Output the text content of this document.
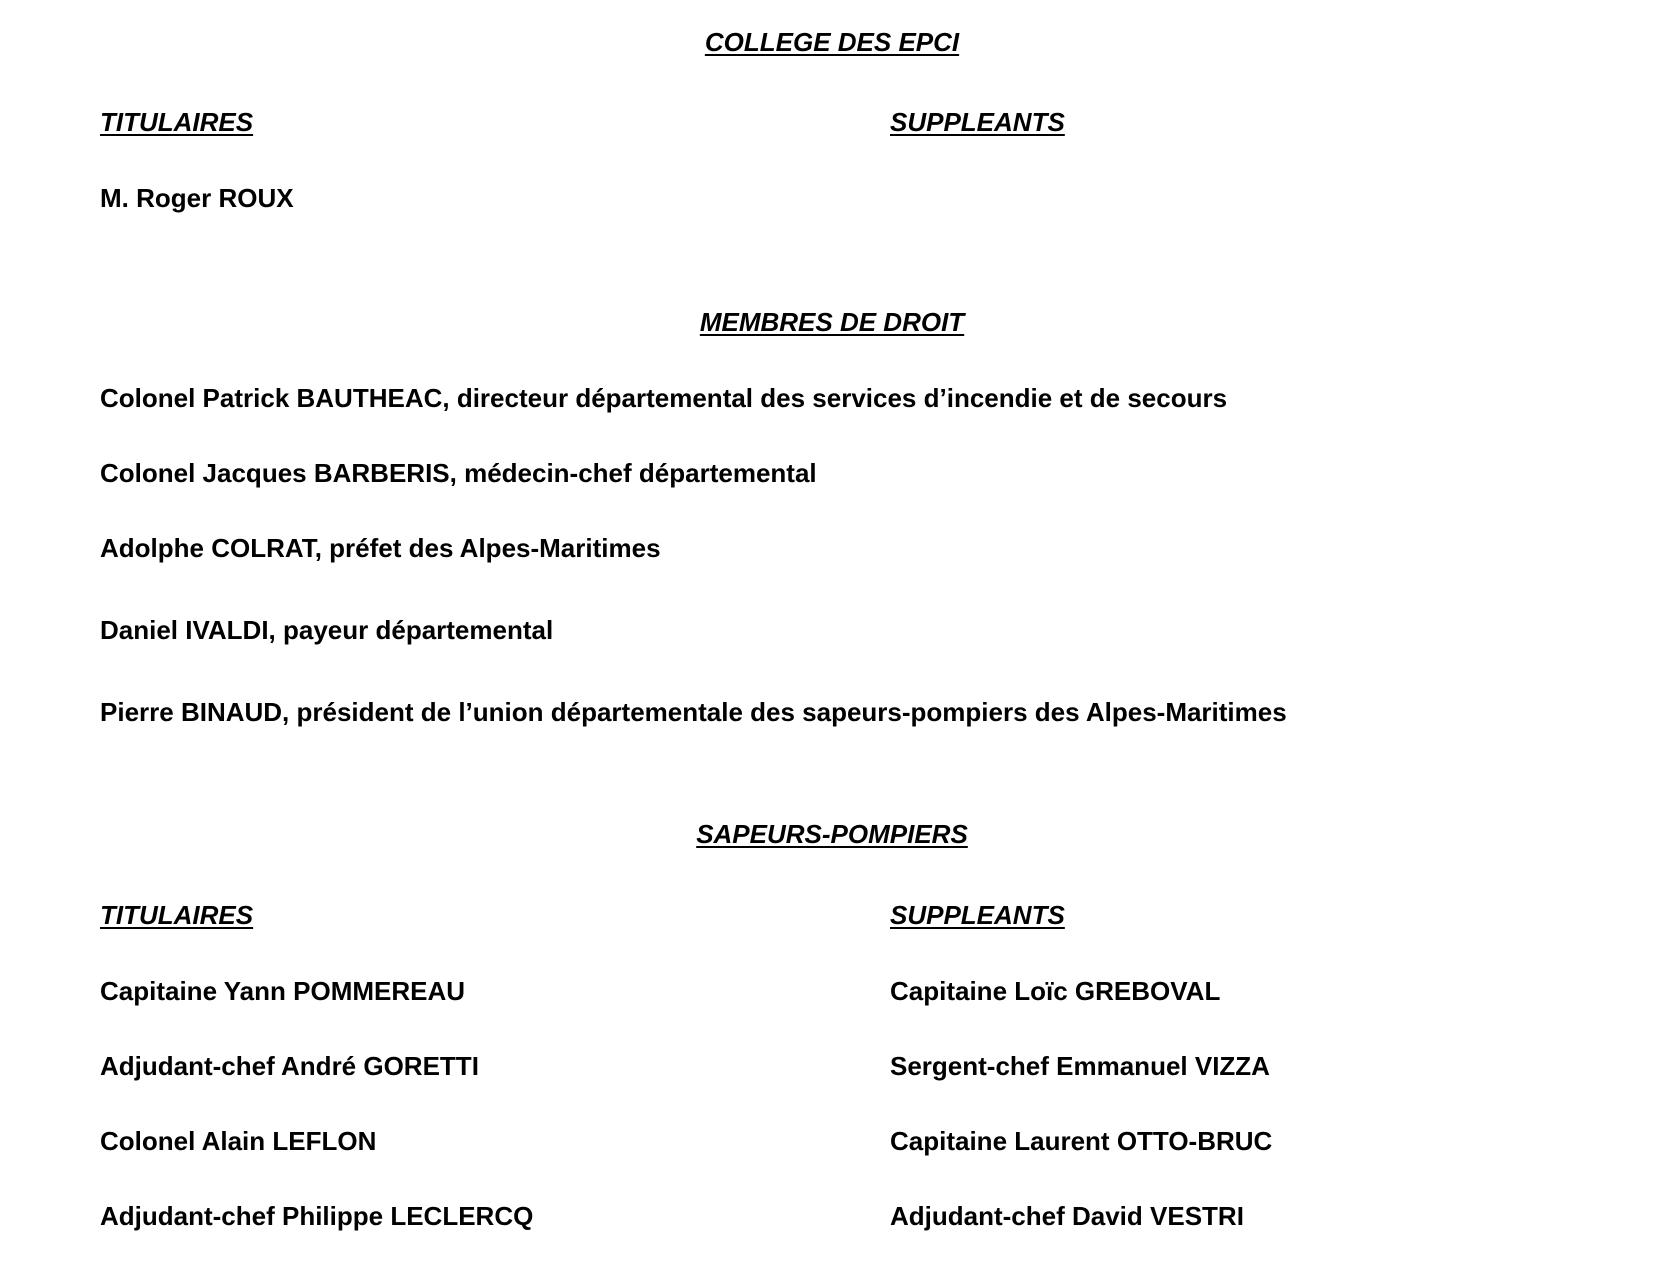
COLLEGE DES EPCI
TITULAIRES	SUPPLEANTS
M. Roger ROUX
MEMBRES DE DROIT
Colonel Patrick BAUTHEAC, directeur départemental des services d’incendie et de secours
Colonel Jacques BARBERIS, médecin-chef départemental
Adolphe COLRAT, préfet des Alpes-Maritimes
Daniel IVALDI, payeur départemental
Pierre BINAUD, président de l’union départementale des sapeurs-pompiers des Alpes-Maritimes
SAPEURS-POMPIERS
TITULAIRES	SUPPLEANTS
Capitaine Yann POMMEREAU	Capitaine Loïc GREBOVAL
Adjudant-chef André GORETTI	Sergent-chef Emmanuel VIZZA
Colonel Alain LEFLON	Capitaine Laurent OTTO-BRUC
Adjudant-chef Philippe LECLERCQ	Adjudant-chef David VESTRI
